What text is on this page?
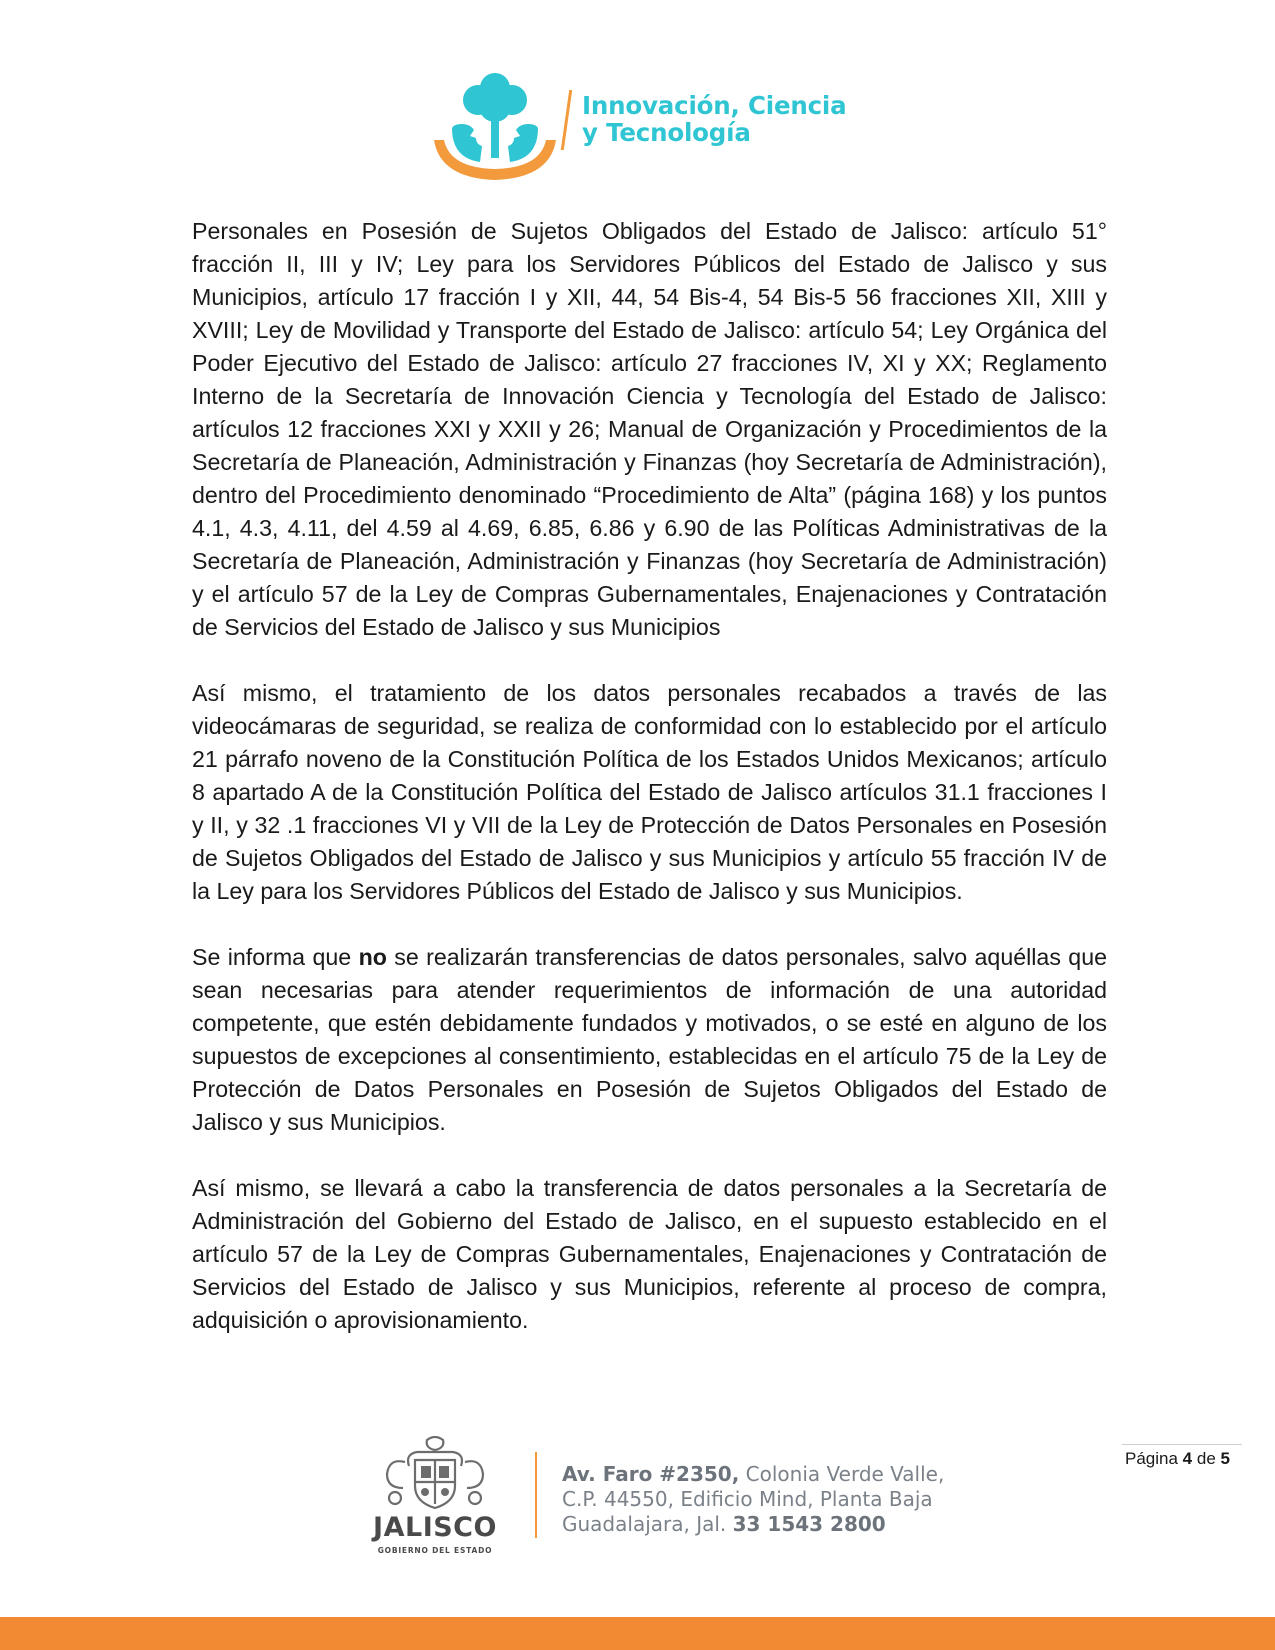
Innovación, Ciencia
y Tecnología

Personales en Posesión de Sujetos Obligados del Estado de Jalisco: artículo 51° fracción II, III y IV; Ley para los Servidores Públicos del Estado de Jalisco y sus Municipios, artículo 17 fracción I y XII, 44, 54 Bis-4, 54 Bis-5 56 fracciones XII, XIII y XVIII; Ley de Movilidad y Transporte del Estado de Jalisco: artículo 54; Ley Orgánica del Poder Ejecutivo del Estado de Jalisco: artículo 27 fracciones IV, XI y XX; Reglamento Interno de la Secretaría de Innovación Ciencia y Tecnología del Estado de Jalisco: artículos 12 fracciones XXI y XXII y 26; Manual de Organización y Procedimientos de la Secretaría de Planeación, Administración y Finanzas (hoy Secretaría de Administración), dentro del Procedimiento denominado “Procedimiento de Alta” (página 168) y los puntos 4.1, 4.3, 4.11, del 4.59 al 4.69, 6.85, 6.86 y 6.90 de las Políticas Administrativas de la Secretaría de Planeación, Administración y Finanzas (hoy Secretaría de Administración) y el artículo 57 de la Ley de Compras Gubernamentales, Enajenaciones y Contratación de Servicios del Estado de Jalisco y sus Municipios

Así mismo, el tratamiento de los datos personales recabados a través de las videocámaras de seguridad, se realiza de conformidad con lo establecido por el artículo 21 párrafo noveno de la Constitución Política de los Estados Unidos Mexicanos; artículo 8 apartado A de la Constitución Política del Estado de Jalisco artículos 31.1 fracciones I y II, y 32 .1 fracciones VI y VII de la Ley de Protección de Datos Personales en Posesión de Sujetos Obligados del Estado de Jalisco y sus Municipios y artículo 55 fracción IV de la Ley para los Servidores Públicos del Estado de Jalisco y sus Municipios.

Se informa que no se realizarán transferencias de datos personales, salvo aquéllas que sean necesarias para atender requerimientos de información de una autoridad competente, que estén debidamente fundados y motivados, o se esté en alguno de los supuestos de excepciones al consentimiento, establecidas en el artículo 75 de la Ley de Protección de Datos Personales en Posesión de Sujetos Obligados del Estado de Jalisco y sus Municipios.

Así mismo, se llevará a cabo la transferencia de datos personales a la Secretaría de Administración del Gobierno del Estado de Jalisco, en el supuesto establecido en el artículo 57 de la Ley de Compras Gubernamentales, Enajenaciones y Contratación de Servicios del Estado de Jalisco y sus Municipios, referente al proceso de compra, adquisición o aprovisionamiento.

Página 4 de 5
JALISCO
GOBIERNO DEL ESTADO
Av. Faro #2350, Colonia Verde Valle,
C.P. 44550, Edificio Mind, Planta Baja
Guadalajara, Jal. 33 1543 2800
